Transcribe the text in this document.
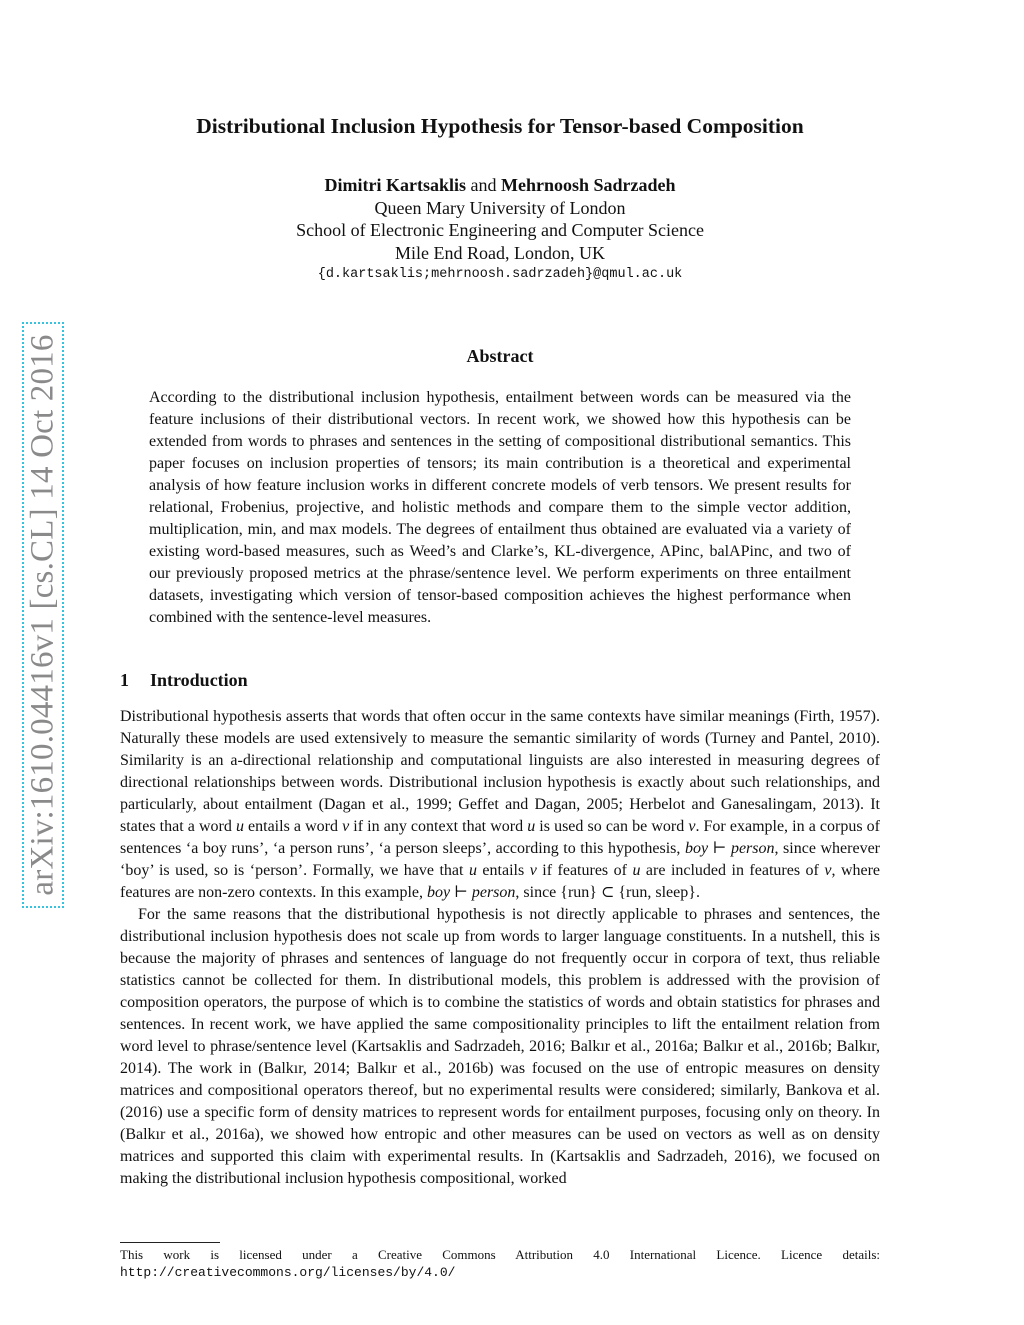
arXiv:1610.04416v1 [cs.CL] 14 Oct 2016
Distributional Inclusion Hypothesis for Tensor-based Composition
Dimitri Kartsaklis and Mehrnoosh Sadrzadeh
Queen Mary University of London
School of Electronic Engineering and Computer Science
Mile End Road, London, UK
{d.kartsaklis;mehrnoosh.sadrzadeh}@qmul.ac.uk
Abstract

According to the distributional inclusion hypothesis, entailment between words can be measured via the feature inclusions of their distributional vectors. In recent work, we showed how this hypothesis can be extended from words to phrases and sentences in the setting of compositional distributional semantics. This paper focuses on inclusion properties of tensors; its main contribution is a theoretical and experimental analysis of how feature inclusion works in different concrete models of verb tensors. We present results for relational, Frobenius, projective, and holistic methods and compare them to the simple vector addition, multiplication, min, and max models. The degrees of entailment thus obtained are evaluated via a variety of existing word-based measures, such as Weed’s and Clarke’s, KL-divergence, APinc, balAPinc, and two of our previously proposed metrics at the phrase/sentence level. We perform experiments on three entailment datasets, investigating which version of tensor-based composition achieves the highest performance when combined with the sentence-level measures.

1 Introduction

Distributional hypothesis asserts that words that often occur in the same contexts have similar meanings (Firth, 1957). Naturally these models are used extensively to measure the semantic similarity of words (Turney and Pantel, 2010). Similarity is an a-directional relationship and computational linguists are also interested in measuring degrees of directional relationships between words. Distributional inclusion hypothesis is exactly about such relationships, and particularly, about entailment (Dagan et al., 1999; Geffet and Dagan, 2005; Herbelot and Ganesalingam, 2013). It states that a word u entails a word v if in any context that word u is used so can be word v. For example, in a corpus of sentences ‘a boy runs’, ‘a person runs’, ‘a person sleeps’, according to this hypothesis, boy ⊢ person, since wherever ‘boy’ is used, so is ‘person’. Formally, we have that u entails v if features of u are included in features of v, where features are non-zero contexts. In this example, boy ⊢ person, since {run} ⊂ {run, sleep}.

For the same reasons that the distributional hypothesis is not directly applicable to phrases and sentences, the distributional inclusion hypothesis does not scale up from words to larger language constituents. In a nutshell, this is because the majority of phrases and sentences of language do not frequently occur in corpora of text, thus reliable statistics cannot be collected for them. In distributional models, this problem is addressed with the provision of composition operators, the purpose of which is to combine the statistics of words and obtain statistics for phrases and sentences. In recent work, we have applied the same compositionality principles to lift the entailment relation from word level to phrase/sentence level (Kartsaklis and Sadrzadeh, 2016; Balkır et al., 2016a; Balkır et al., 2016b; Balkır, 2014). The work in (Balkır, 2014; Balkır et al., 2016b) was focused on the use of entropic measures on density matrices and compositional operators thereof, but no experimental results were considered; similarly, Bankova et al. (2016) use a specific form of density matrices to represent words for entailment purposes, focusing only on theory. In (Balkır et al., 2016a), we showed how entropic and other measures can be used on vectors as well as on density matrices and supported this claim with experimental results. In (Kartsaklis and Sadrzadeh, 2016), we focused on making the distributional inclusion hypothesis compositional, worked

This work is licensed under a Creative Commons Attribution 4.0 International Licence. Licence details: http://creativecommons.org/licenses/by/4.0/
